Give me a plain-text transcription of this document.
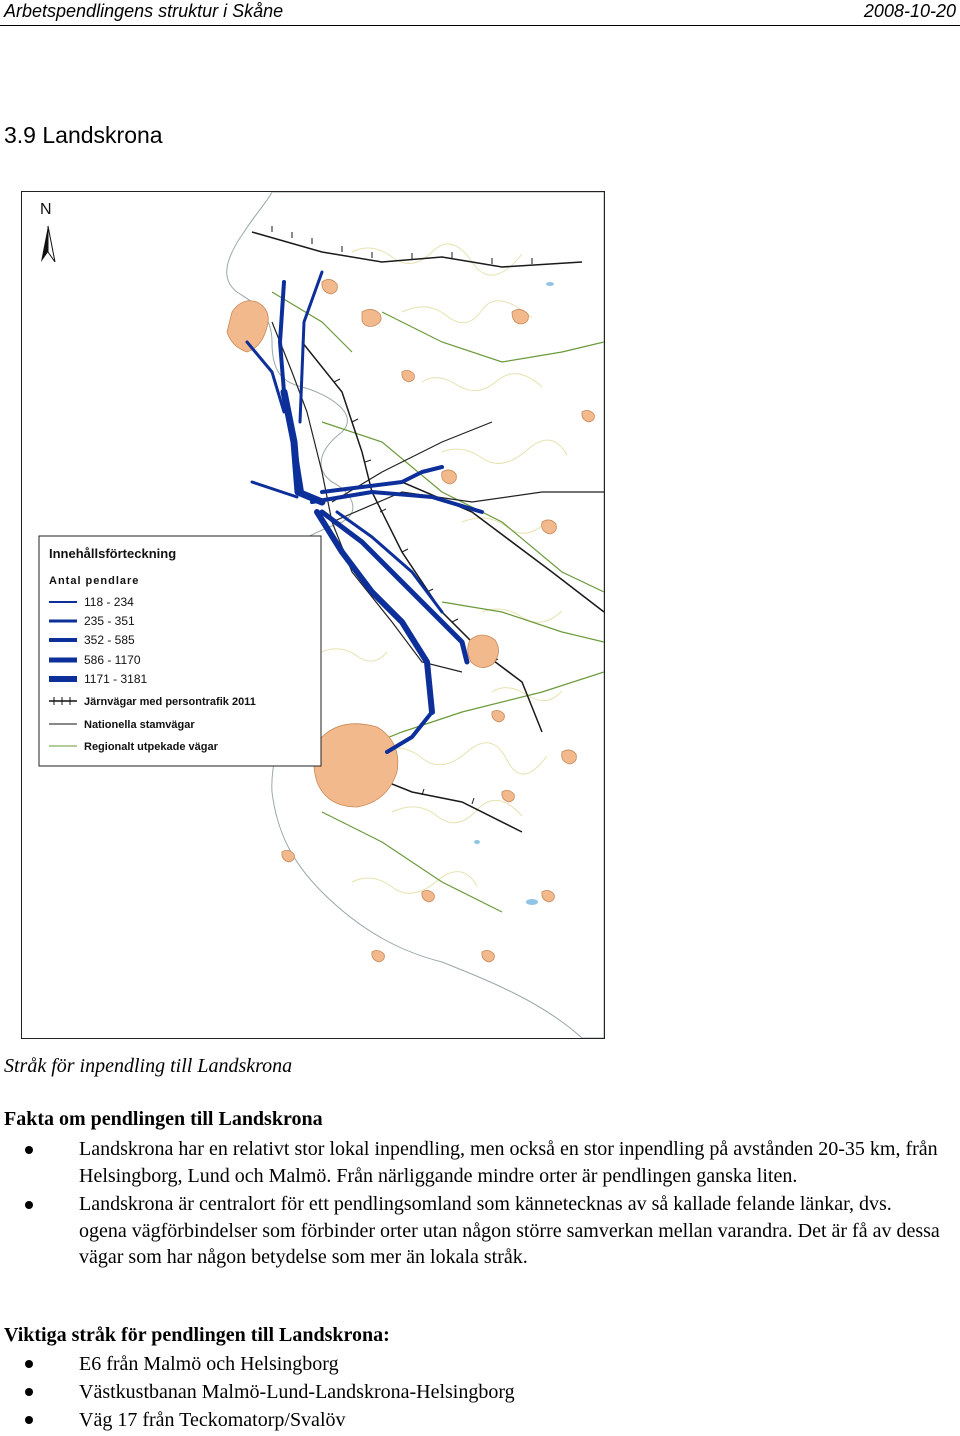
Arbetspendlingens struktur i Skåne	2008-10-20
3.9 Landskrona
N
Innehållsförteckning
Antal pendlare
118 - 234
235 - 351
352 - 585
586 - 1170
1171 - 3181
Järnvägar med persontrafik 2011
Nationella stamvägar
Regionalt utpekade vägar
Stråk för inpendling till Landskrona
Fakta om pendlingen till Landskrona
Landskrona har en relativt stor lokal inpendling, men också en stor inpendling på avstånden 20-35 km, från Helsingborg, Lund och Malmö. Från närliggande mindre orter är pendlingen ganska liten.
Landskrona är centralort för ett pendlingsomland som kännetecknas av så kallade felande länkar, dvs. ogena vägförbindelser som förbinder orter utan någon större samverkan mellan varandra. Det är få av dessa vägar som har någon betydelse som mer än lokala stråk.
Viktiga stråk för pendlingen till Landskrona:
E6 från Malmö och Helsingborg
Västkustbanan Malmö-Lund-Landskrona-Helsingborg
Väg 17 från Teckomatorp/Svalöv
